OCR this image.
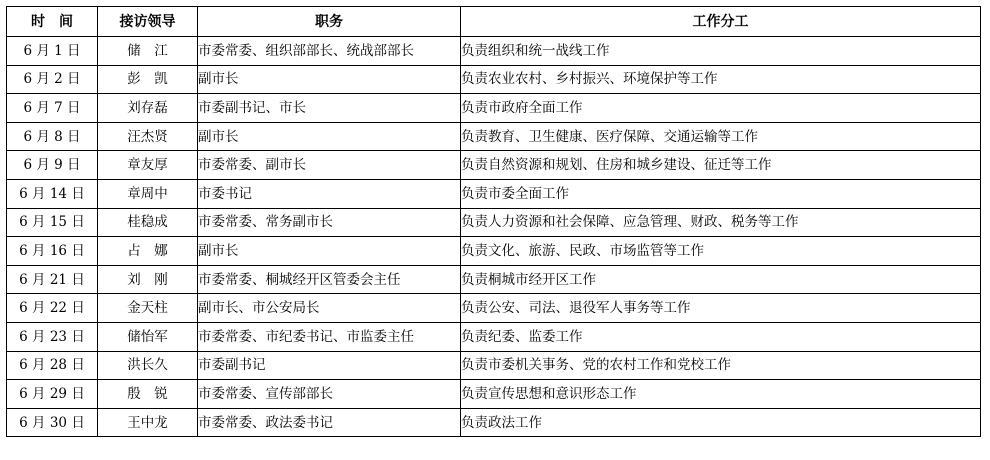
时　间	接访领导	职务	工作分工
6 月 1 日	储　江	市委常委、组织部部长、统战部部长	负责组织和统一战线工作
6 月 2 日	彭　凯	副市长	负责农业农村、乡村振兴、环境保护等工作
6 月 7 日	刘存磊	市委副书记、市长	负责市政府全面工作
6 月 8 日	汪杰贤	副市长	负责教育、卫生健康、医疗保障、交通运输等工作
6 月 9 日	章友厚	市委常委、副市长	负责自然资源和规划、住房和城乡建设、征迁等工作
6 月 14 日	章周中	市委书记	负责市委全面工作
6 月 15 日	桂稳成	市委常委、常务副市长	负责人力资源和社会保障、应急管理、财政、税务等工作
6 月 16 日	占　娜	副市长	负责文化、旅游、民政、市场监管等工作
6 月 21 日	刘　刚	市委常委、桐城经开区管委会主任	负责桐城市经开区工作
6 月 22 日	金天柱	副市长、市公安局长	负责公安、司法、退役军人事务等工作
6 月 23 日	储怡军	市委常委、市纪委书记、市监委主任	负责纪委、监委工作
6 月 28 日	洪长久	市委副书记	负责市委机关事务、党的农村工作和党校工作
6 月 29 日	殷　锐	市委常委、宣传部部长	负责宣传思想和意识形态工作
6 月 30 日	王中龙	市委常委、政法委书记	负责政法工作
